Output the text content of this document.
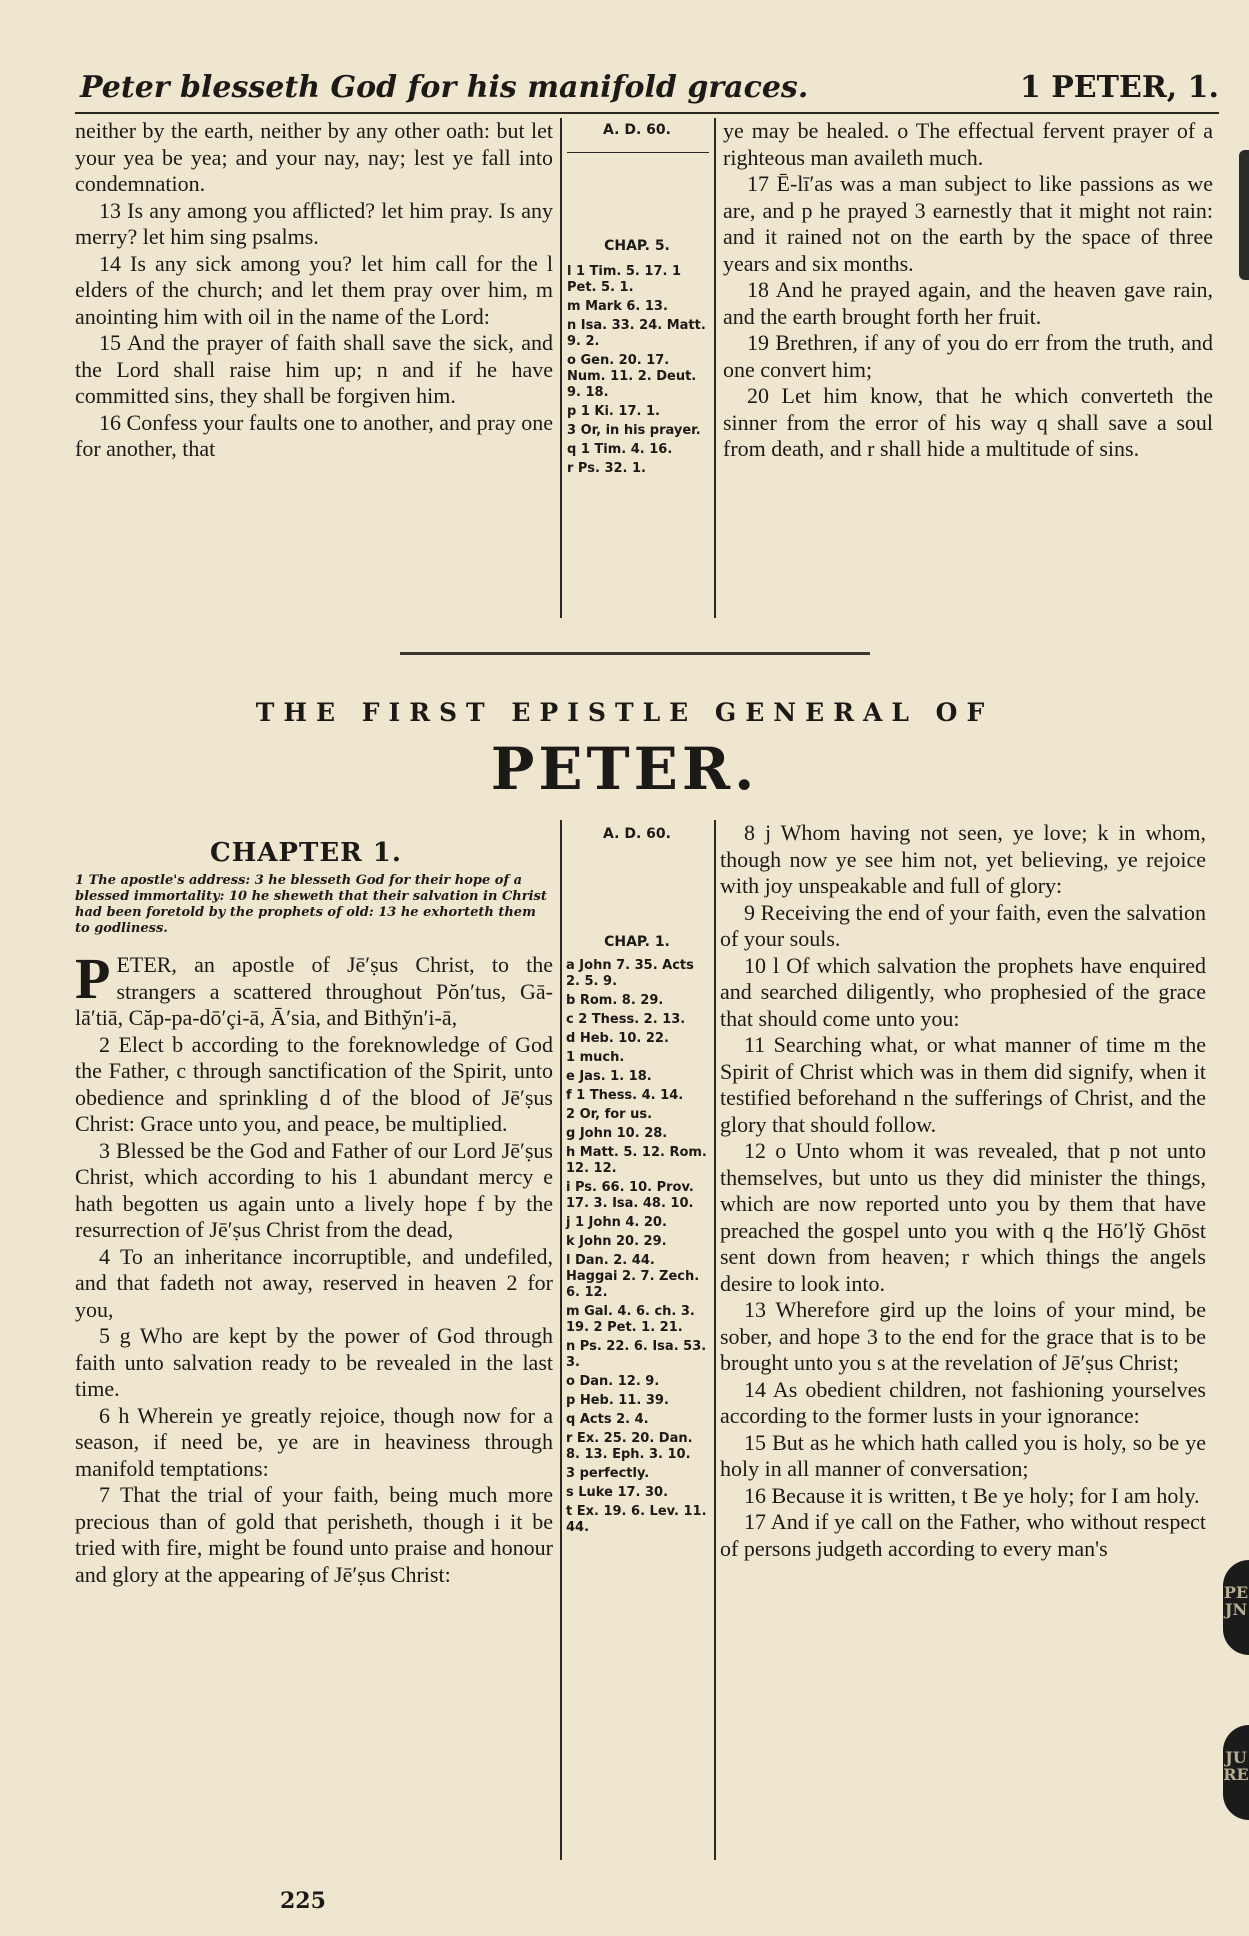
Peter blesseth God for his manifold graces.	1 PETER, 1.

neither by the earth, neither by any other oath: but let your yea be yea; and your nay, nay; lest ye fall into condemnation.

13 Is any among you afflicted? let him pray. Is any merry? let him sing psalms.

14 Is any sick among you? let him call for the l elders of the church; and let them pray over him, m anointing him with oil in the name of the Lord:

15 And the prayer of faith shall save the sick, and the Lord shall raise him up; n and if he have committed sins, they shall be forgiven him.

16 Confess your faults one to another, and pray one for another, that

A. D. 60.
CHAP. 5.
l 1 Tim. 5. 17. 1 Pet. 5. 1.
m Mark 6. 13.
n Isa. 33. 24. Matt. 9. 2.
o Gen. 20. 17. Num. 11. 2. Deut. 9. 18.
p 1 Ki. 17. 1.
3 Or, in his prayer.
q 1 Tim. 4. 16.
r Ps. 32. 1.

ye may be healed. o The effectual fervent prayer of a righteous man availeth much.

17 Ē-lī′as was a man subject to like passions as we are, and p he prayed 3 earnestly that it might not rain: and it rained not on the earth by the space of three years and six months.

18 And he prayed again, and the heaven gave rain, and the earth brought forth her fruit.

19 Brethren, if any of you do err from the truth, and one convert him;

20 Let him know, that he which converteth the sinner from the error of his way q shall save a soul from death, and r shall hide a multitude of sins.

THE FIRST EPISTLE GENERAL OF
PETER.
CHAPTER 1.
1 The apostle's address: 3 he blesseth God for their hope of a blessed immortality: 10 he sheweth that their salvation in Christ had been foretold by the prophets of old: 13 he exhorteth them to godliness.

PETER, an apostle of Jē′ṣus Christ, to the strangers a scattered throughout Pŏn′tus, Gā-lā′tiā, Căp-pa-dō′çi-ā, Ā′sia, and Bithy̆n′i-ā,

2 Elect b according to the foreknowledge of God the Father, c through sanctification of the Spirit, unto obedience and sprinkling d of the blood of Jē′ṣus Christ: Grace unto you, and peace, be multiplied.

3 Blessed be the God and Father of our Lord Jē′ṣus Christ, which according to his 1 abundant mercy e hath begotten us again unto a lively hope f by the resurrection of Jē′ṣus Christ from the dead,

4 To an inheritance incorruptible, and undefiled, and that fadeth not away, reserved in heaven 2 for you,

5 g Who are kept by the power of God through faith unto salvation ready to be revealed in the last time.

6 h Wherein ye greatly rejoice, though now for a season, if need be, ye are in heaviness through manifold temptations:

7 That the trial of your faith, being much more precious than of gold that perisheth, though i it be tried with fire, might be found unto praise and honour and glory at the appearing of Jē′ṣus Christ:

A. D. 60.
CHAP. 1.
a John 7. 35. Acts 2. 5. 9.
b Rom. 8. 29.
c 2 Thess. 2. 13.
d Heb. 10. 22.
1 much.
e Jas. 1. 18.
f 1 Thess. 4. 14.
2 Or, for us.
g John 10. 28.
h Matt. 5. 12. Rom. 12. 12.
i Ps. 66. 10. Prov. 17. 3. Isa. 48. 10.
j 1 John 4. 20.
k John 20. 29.
l Dan. 2. 44. Haggai 2. 7. Zech. 6. 12.
m Gal. 4. 6. ch. 3. 19. 2 Pet. 1. 21.
n Ps. 22. 6. Isa. 53. 3.
o Dan. 12. 9.
p Heb. 11. 39.
q Acts 2. 4.
r Ex. 25. 20. Dan. 8. 13. Eph. 3. 10.
3 perfectly.
s Luke 17. 30.
t Ex. 19. 6. Lev. 11. 44.

8 j Whom having not seen, ye love; k in whom, though now ye see him not, yet believing, ye rejoice with joy unspeakable and full of glory:

9 Receiving the end of your faith, even the salvation of your souls.

10 l Of which salvation the prophets have enquired and searched diligently, who prophesied of the grace that should come unto you:

11 Searching what, or what manner of time m the Spirit of Christ which was in them did signify, when it testified beforehand n the sufferings of Christ, and the glory that should follow.

12 o Unto whom it was revealed, that p not unto themselves, but unto us they did minister the things, which are now reported unto you by them that have preached the gospel unto you with q the Hō′ly̆ Ghōst sent down from heaven; r which things the angels desire to look into.

13 Wherefore gird up the loins of your mind, be sober, and hope 3 to the end for the grace that is to be brought unto you s at the revelation of Jē′ṣus Christ;

14 As obedient children, not fashioning yourselves according to the former lusts in your ignorance:

15 But as he which hath called you is holy, so be ye holy in all manner of conversation;

16 Because it is written, t Be ye holy; for I am holy.

17 And if ye call on the Father, who without respect of persons judgeth according to every man's

225
PE
JN
JU
RE
